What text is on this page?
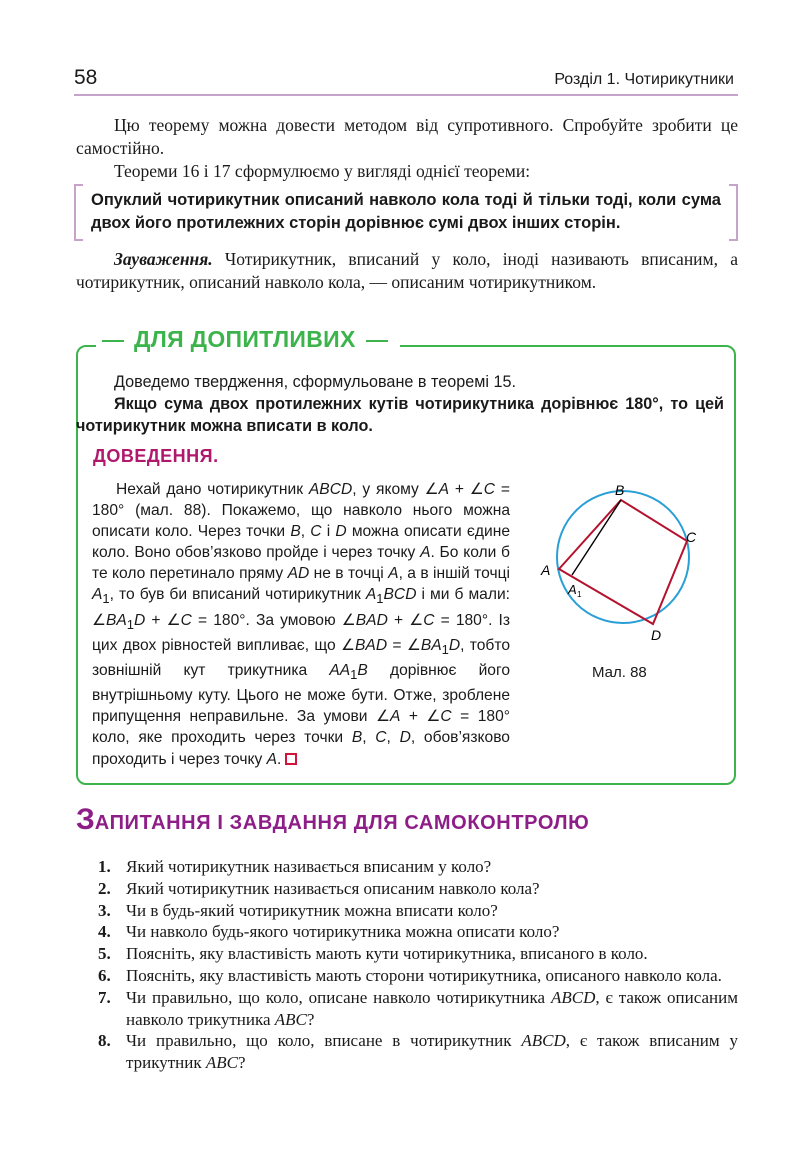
58	Розділ 1. Чотирикутники

Цю теорему можна довести методом від супротивного. Спробуйте зробити це самостійно.

Теореми 16 і 17 сформулюємо у вигляді однієї теореми:

Опуклий чотирикутник описаний навколо кола тоді й тільки тоді, коли сума двох його протилежних сторін дорівнює сумі двох інших сторін.

Зауваження. Чотирикутник, вписаний у коло, іноді називають вписаним, а чотирикутник, описаний навколо кола, — описаним чотирикутником.

ДЛЯ ДОПИТЛИВИХ

Доведемо твердження, сформульоване в теоремі 15.

Якщо сума двох протилежних кутів чотирикутника дорівнює 180°, то цей чотирикутник можна вписати в коло.

ДОВЕДЕННЯ.

Нехай дано чотирикутник ABCD, у якому ∠A + ∠C = 180° (мал. 88). Покажемо, що навколо нього можна описати коло. Через точки B, C і D можна описати єдине коло. Воно обов’язково пройде і через точку A. Бо коли б те коло перетинало пряму AD не в точці A, а в іншій точці $A_1$, то був би вписаний чотирикутник $A_1BCD$ і ми б мали: $\angle BA_1D$ + ∠C = 180°. За умовою ∠BAD + ∠C = 180°. Із цих двох рівностей випливає, що ∠BAD = $\angle BA_1D$, тобто зовнішній кут трикутника $AA_1B$ дорівнює його внутрішньому куту. Цього не може бути. Отже, зроблене припущення неправильне. За умови ∠A + ∠C = 180° коло, яке проходить через точки B, C, D, обов’язково проходить і через точку A.

B
C
A
A 1
D
Мал. 88
ЗАПИТАННЯ І ЗАВДАННЯ ДЛЯ САМОКОНТРОЛЮ
1. Який чотирикутник називається вписаним у коло?
2. Який чотирикутник називається описаним навколо кола?
3. Чи в будь-який чотирикутник можна вписати коло?
4. Чи навколо будь-якого чотирикутника можна описати коло?
5. Поясніть, яку властивість мають кути чотирикутника, вписаного в коло.
6. Поясніть, яку властивість мають сторони чотирикутника, описаного навколо кола.
7. Чи правильно, що коло, описане навколо чотирикутника ABCD, є також описаним навколо трикутника ABC?
8. Чи правильно, що коло, вписане в чотирикутник ABCD, є також вписаним у трикутник ABC?
